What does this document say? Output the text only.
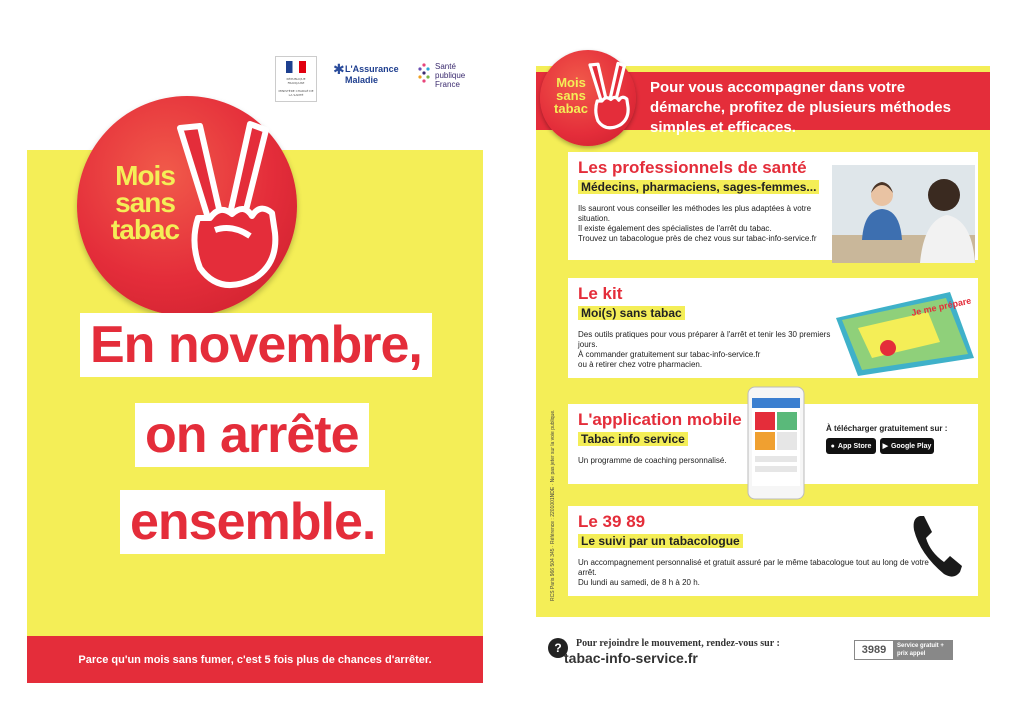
RÉPUBLIQUE FRANÇAISE
MINISTÈRE CHARGÉ DE LA SANTÉ
✱ L'Assurance Maladie
Santé publique France
Parce qu'un mois sans fumer, c'est 5 fois plus de chances d'arrêter.
Mois sans tabac
En novembre,
on arrête
ensemble.
Pour vous accompagner dans votre démarche, profitez de plusieurs méthodes simples et efficaces.
Mois sans tabac
RCS Paris 966 504 345 · Référence : 2201001NDE · Ne pas jeter sur la voie publique.
Les professionnels de santé
Médecins, pharmaciens, sages-femmes...
Ils sauront vous conseiller les méthodes les plus adaptées à votre situation.
Il existe également des spécialistes de l'arrêt du tabac.
Trouvez un tabacologue près de chez vous sur tabac-info-service.fr
Le kit
Moi(s) sans tabac
Des outils pratiques pour vous préparer à l'arrêt et tenir les 30 premiers jours.
À commander gratuitement sur tabac-info-service.fr
ou à retirer chez votre pharmacien.
Je me prépare
L'application mobile
Tabac info service
Un programme de coaching personnalisé.
À télécharger gratuitement sur :
● App Store ▶ Google Play
Le 39 89
Le suivi par un tabacologue
Un accompagnement personnalisé et gratuit assuré par le même tabacologue tout au long de votre arrêt.
Du lundi au samedi, de 8 h à 20 h.
?	Pour rejoindre le mouvement, rendez-vous sur :
tabac-info-service.fr	3989	Service gratuit + prix appel
